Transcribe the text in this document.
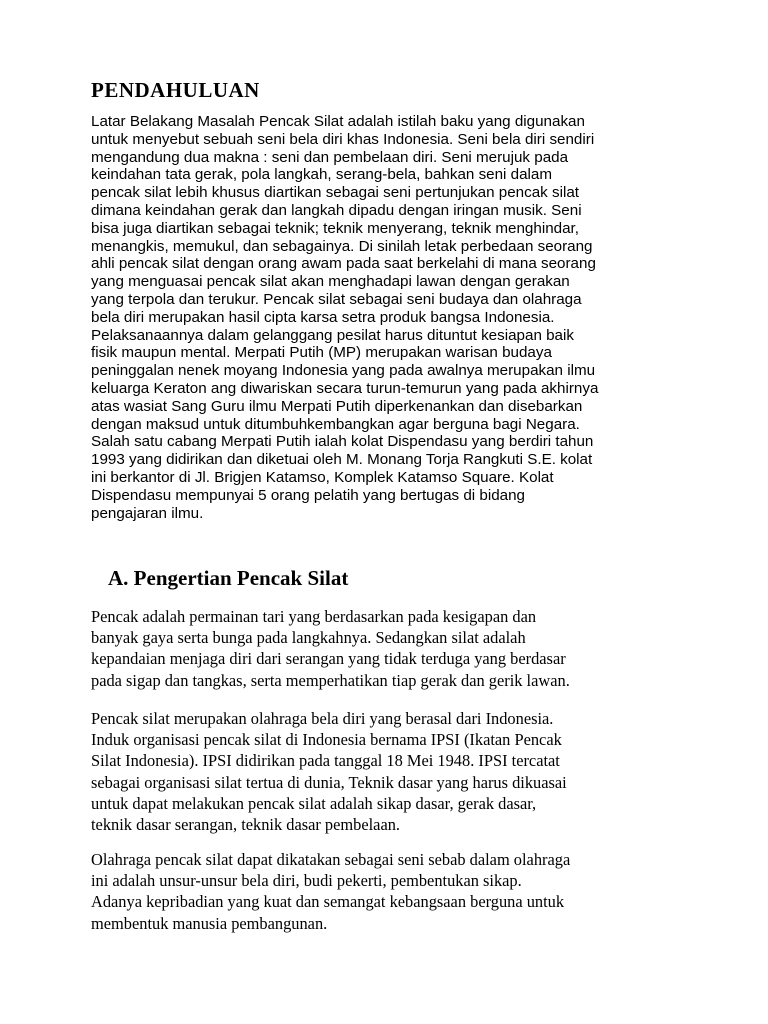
PENDAHULUAN

Latar Belakang Masalah Pencak Silat adalah istilah baku yang digunakan
untuk menyebut sebuah seni bela diri khas Indonesia. Seni bela diri sendiri
mengandung dua makna : seni dan pembelaan diri. Seni merujuk pada
keindahan tata gerak, pola langkah, serang-bela, bahkan seni dalam
pencak silat lebih khusus diartikan sebagai seni pertunjukan pencak silat
dimana keindahan gerak dan langkah dipadu dengan iringan musik. Seni
bisa juga diartikan sebagai teknik; teknik menyerang, teknik menghindar,
menangkis, memukul, dan sebagainya. Di sinilah letak perbedaan seorang
ahli pencak silat dengan orang awam pada saat berkelahi di mana seorang
yang menguasai pencak silat akan menghadapi lawan dengan gerakan
yang terpola dan terukur. Pencak silat sebagai seni budaya dan olahraga
bela diri merupakan hasil cipta karsa setra produk bangsa Indonesia.
Pelaksanaannya dalam gelanggang pesilat harus dituntut kesiapan baik
fisik maupun mental. Merpati Putih (MP) merupakan warisan budaya
peninggalan nenek moyang Indonesia yang pada awalnya merupakan ilmu
keluarga Keraton ang diwariskan secara turun-temurun yang pada akhirnya
atas wasiat Sang Guru ilmu Merpati Putih diperkenankan dan disebarkan
dengan maksud untuk ditumbuhkembangkan agar berguna bagi Negara.
Salah satu cabang Merpati Putih ialah kolat Dispendasu yang berdiri tahun
1993 yang didirikan dan diketuai oleh M. Monang Torja Rangkuti S.E. kolat
ini berkantor di Jl. Brigjen Katamso, Komplek Katamso Square. Kolat
Dispendasu mempunyai 5 orang pelatih yang bertugas di bidang
pengajaran ilmu.

A. Pengertian Pencak Silat

Pencak adalah permainan tari yang berdasarkan pada kesigapan dan
banyak gaya serta bunga pada langkahnya. Sedangkan silat adalah
kepandaian menjaga diri dari serangan yang tidak terduga yang berdasar
pada sigap dan tangkas, serta memperhatikan tiap gerak dan gerik lawan.

Pencak silat merupakan olahraga bela diri yang berasal dari Indonesia.
Induk organisasi pencak silat di Indonesia bernama IPSI (Ikatan Pencak
Silat Indonesia). IPSI didirikan pada tanggal 18 Mei 1948. IPSI tercatat
sebagai organisasi silat tertua di dunia, Teknik dasar yang harus dikuasai
untuk dapat melakukan pencak silat adalah sikap dasar, gerak dasar,
teknik dasar serangan, teknik dasar pembelaan.

Olahraga pencak silat dapat dikatakan sebagai seni sebab dalam olahraga
ini adalah unsur-unsur bela diri, budi pekerti, pembentukan sikap.
Adanya kepribadian yang kuat dan semangat kebangsaan berguna untuk
membentuk manusia pembangunan.
